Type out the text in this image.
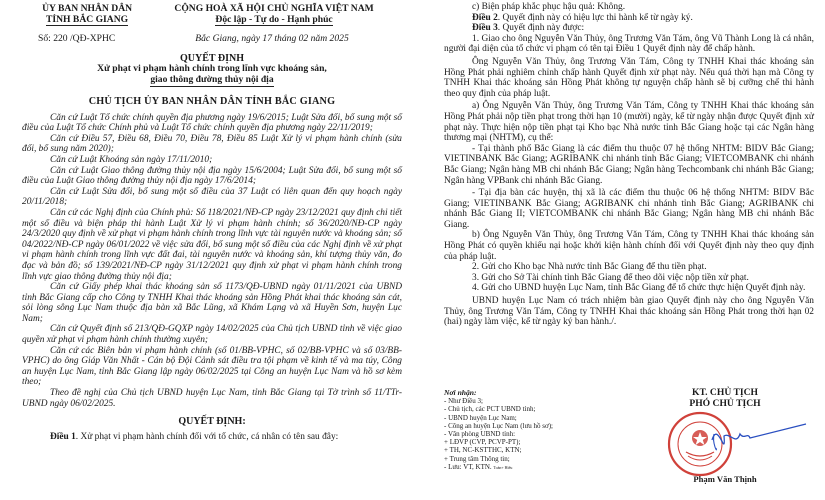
ỦY BAN NHÂN DÂN
TỈNH BẮC GIANG
CỘNG HOÀ XÃ HỘI CHỦ NGHĨA VIỆT NAM
Độc lập - Tự do - Hạnh phúc
Số: 220 /QĐ-XPHC	Bắc Giang, ngày 17 tháng 02 năm 2025
QUYẾT ĐỊNH
Xử phạt vi phạm hành chính trong lĩnh vực khoáng sản,
giao thông đường thủy nội địa
CHỦ TỊCH ỦY BAN NHÂN DÂN TỈNH BẮC GIANG

Căn cứ Luật Tổ chức chính quyền địa phương ngày 19/6/2015; Luật Sửa đổi, bổ sung một số điều của Luật Tổ chức Chính phủ và Luật Tổ chức chính quyền địa phương ngày 22/11/2019;

Căn cứ Điều 57, Điều 68, Điều 70, Điều 78, Điều 85 Luật Xử lý vi phạm hành chính (sửa đổi, bổ sung năm 2020);

Căn cứ Luật Khoáng sản ngày 17/11/2010;

Căn cứ Luật Giao thông đường thủy nội địa ngày 15/6/2004; Luật Sửa đổi, bổ sung một số điều của Luật Giao thông đường thủy nội địa ngày 17/6/2014;

Căn cứ Luật Sửa đổi, bổ sung một số điều của 37 Luật có liên quan đến quy hoạch ngày 20/11/2018;

Căn cứ các Nghị định của Chính phủ: Số 118/2021/NĐ-CP ngày 23/12/2021 quy định chi tiết một số điều và biện pháp thi hành Luật Xử lý vi phạm hành chính; số 36/2020/NĐ-CP ngày 24/3/2020 quy định về xử phạt vi phạm hành chính trong lĩnh vực tài nguyên nước và khoáng sản; số 04/2022/NĐ-CP ngày 06/01/2022 về việc sửa đổi, bổ sung một số điều của các Nghị định về xử phạt vi phạm hành chính trong lĩnh vực đất đai, tài nguyên nước và khoáng sản, khí tượng thủy văn, đo đạc và bản đồ; số 139/2021/NĐ-CP ngày 31/12/2021 quy định xử phạt vi phạm hành chính trong lĩnh vực giao thông đường thủy nội địa;

Căn cứ Giấy phép khai thác khoáng sản số 1173/QĐ-UBND ngày 01/11/2021 của UBND tỉnh Bắc Giang cấp cho Công ty TNHH Khai thác khoáng sản Hồng Phát khai thác khoáng sản cát, sỏi lòng sông Lục Nam thuộc địa bàn xã Bắc Lũng, xã Khám Lạng và xã Huyền Sơn, huyện Lục Nam;

Căn cứ Quyết định số 213/QĐ-GQXP ngày 14/02/2025 của Chủ tịch UBND tỉnh về việc giao quyền xử phạt vi phạm hành chính thường xuyên;

Căn cứ các Biên bản vi phạm hành chính (số 01/BB-VPHC, số 02/BB-VPHC và số 03/BB-VPHC) do ông Giáp Văn Nhất - Cán bộ Đội Cảnh sát điều tra tội phạm về kinh tế và ma túy, Công an huyện Lục Nam, tỉnh Bắc Giang lập ngày 06/02/2025 tại Công an huyện Lục Nam và hồ sơ kèm theo;

Theo đề nghị của Chủ tịch UBND huyện Lục Nam, tỉnh Bắc Giang tại Tờ trình số 11/TTr-UBND ngày 06/02/2025.

QUYẾT ĐỊNH:
Điều 1. Xử phạt vi phạm hành chính đối với tổ chức, cá nhân có tên sau đây:

c) Biện pháp khắc phục hậu quả: Không.

Điều 2. Quyết định này có hiệu lực thi hành kể từ ngày ký.

Điều 3. Quyết định này được:

1. Giao cho ông Nguyễn Văn Thủy, ông Trương Văn Tám, ông Vũ Thành Long là cá nhân, người đại diện của tổ chức vi phạm có tên tại Điều 1 Quyết định này để chấp hành.

Ông Nguyễn Văn Thủy, ông Trương Văn Tám, Công ty TNHH Khai thác khoáng sản Hồng Phát phải nghiêm chỉnh chấp hành Quyết định xử phạt này. Nếu quá thời hạn mà Công ty TNHH Khai thác khoáng sản Hồng Phát không tự nguyện chấp hành sẽ bị cưỡng chế thi hành theo quy định của pháp luật.

a) Ông Nguyễn Văn Thủy, ông Trương Văn Tám, Công ty TNHH Khai thác khoáng sản Hồng Phát phải nộp tiền phạt trong thời hạn 10 (mười) ngày, kể từ ngày nhận được Quyết định xử phạt này. Thực hiện nộp tiền phạt tại Kho bạc Nhà nước tỉnh Bắc Giang hoặc tại các Ngân hàng thương mại (NHTM), cụ thể:

- Tại thành phố Bắc Giang là các điểm thu thuộc 07 hệ thống NHTM: BIDV Bắc Giang; VIETINBANK Bắc Giang; AGRIBANK chi nhánh tỉnh Bắc Giang; VIETCOMBANK chi nhánh Bắc Giang; Ngân hàng MB chi nhánh Bắc Giang; Ngân hàng Techcombank chi nhánh Bắc Giang; Ngân hàng VPBank chi nhánh Bắc Giang.

- Tại địa bàn các huyện, thị xã là các điểm thu thuộc 06 hệ thống NHTM: BIDV Bắc Giang; VIETINBANK Bắc Giang; AGRIBANK chi nhánh tỉnh Bắc Giang; AGRIBANK chi nhánh Bắc Giang II; VIETCOMBANK chi nhánh Bắc Giang; Ngân hàng MB chi nhánh Bắc Giang.

b) Ông Nguyễn Văn Thủy, ông Trương Văn Tám, Công ty TNHH Khai thác khoáng sản Hồng Phát có quyền khiếu nại hoặc khởi kiện hành chính đối với Quyết định này theo quy định của pháp luật.

2. Gửi cho Kho bạc Nhà nước tỉnh Bắc Giang để thu tiền phạt.

3. Gửi cho Sở Tài chính tỉnh Bắc Giang để theo dõi việc nộp tiền xử phạt.

4. Gửi cho UBND huyện Lục Nam, tỉnh Bắc Giang để tổ chức thực hiện Quyết định này.

UBND huyện Lục Nam có trách nhiệm bàn giao Quyết định này cho ông Nguyễn Văn Thủy, ông Trương Văn Tám, Công ty TNHH Khai thác khoáng sản Hồng Phát trong thời hạn 02 (hai) ngày làm việc, kể từ ngày ký ban hành./.

Nơi nhận:
- Như Điều 3;
- Chủ tịch, các PCT UBND tỉnh;
- UBND huyện Lục Nam;
- Công an huyện Lục Nam (lưu hồ sơ);
- Văn phòng UBND tỉnh:
+ LĐVP (CVP, PCVP-PT);
+ TH, NC-KSTTHC, KTN;
+ Trung tâm Thông tin;
- Lưu: VT, KTN. Toàn+ Hiếu
KT. CHỦ TỊCH
PHÓ CHỦ TỊCH
Phạm Văn Thịnh
